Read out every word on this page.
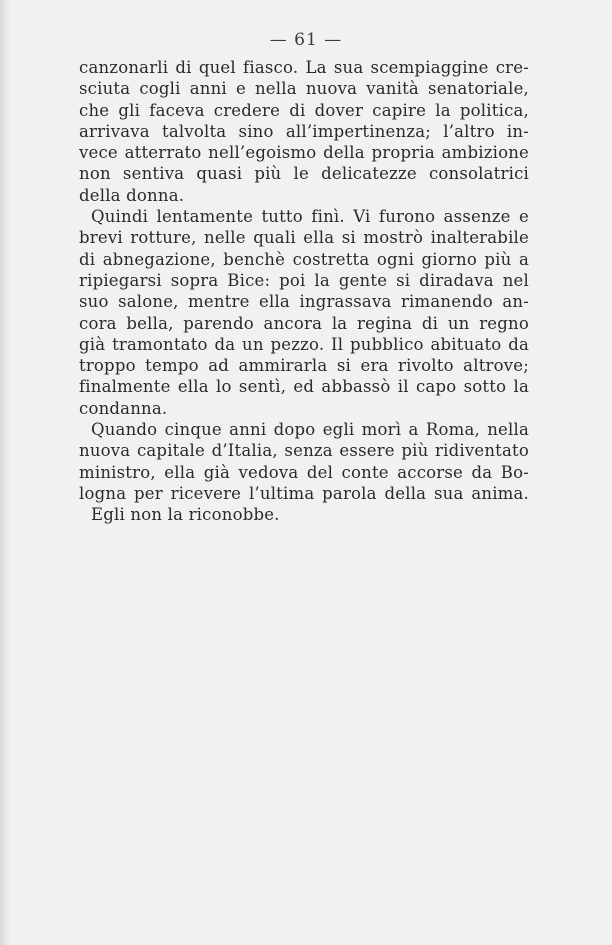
— 61 —
canzonarli di quel fiasco. La sua scempiaggine cre-
sciuta cogli anni e nella nuova vanità senatoriale,
che gli faceva credere di dover capire la politica,
arrivava talvolta sino all’impertinenza; l’altro in-
vece atterrato nell’egoismo della propria ambizione
non sentiva quasi più le delicatezze consolatrici
della donna.
Quindi lentamente tutto finì. Vi furono assenze e
brevi rotture, nelle quali ella si mostrò inalterabile
di abnegazione, benchè costretta ogni giorno più a
ripiegarsi sopra Bice: poi la gente si diradava nel
suo salone, mentre ella ingrassava rimanendo an-
cora bella, parendo ancora la regina di un regno
già tramontato da un pezzo. Il pubblico abituato da
troppo tempo ad ammirarla si era rivolto altrove;
finalmente ella lo sentì, ed abbassò il capo sotto la
condanna.
Quando cinque anni dopo egli morì a Roma, nella
nuova capitale d’Italia, senza essere più ridiventato
ministro, ella già vedova del conte accorse da Bo-
logna per ricevere l’ultima parola della sua anima.
Egli non la riconobbe.
